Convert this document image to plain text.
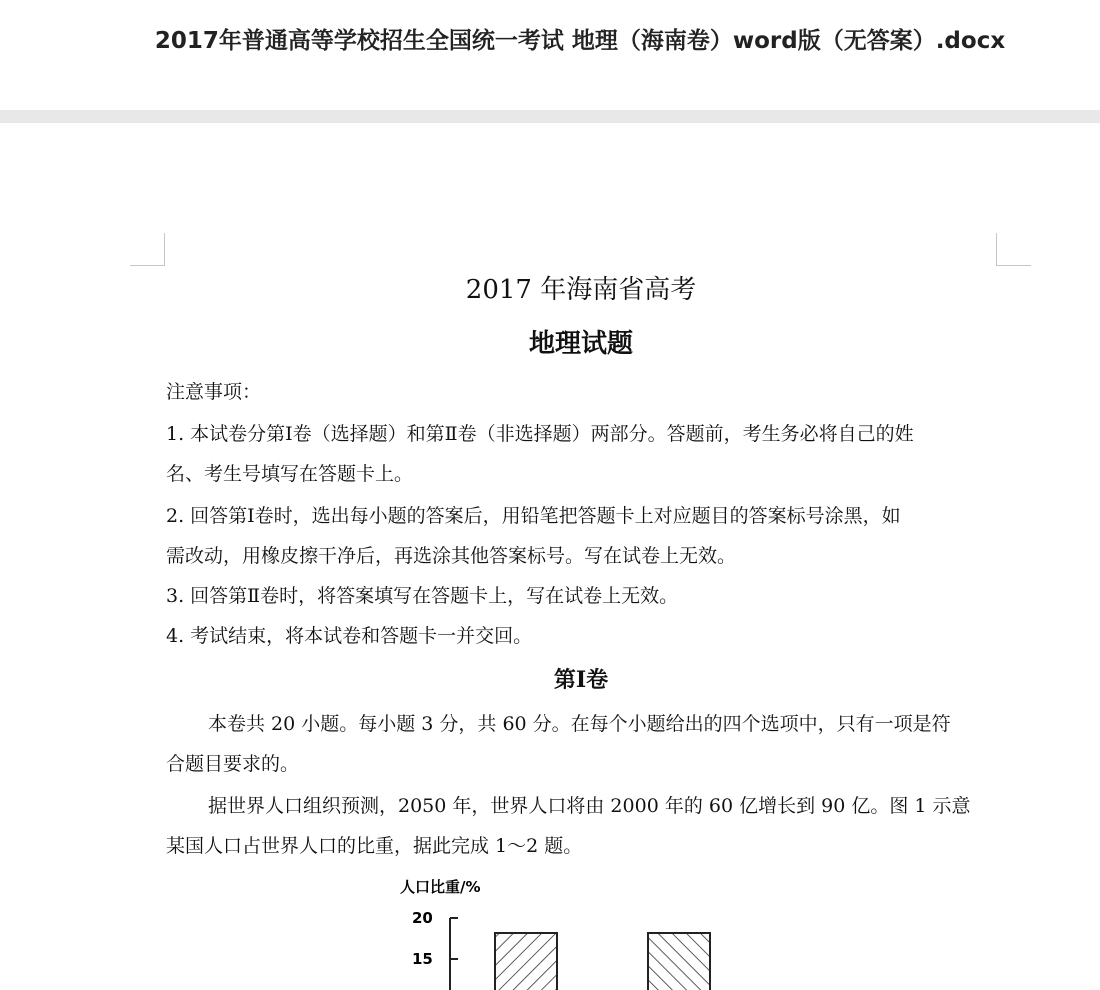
2017年普通高等学校招生全国统一考试 地理（海南卷）word版（无答案）.docx
2017 年海南省高考
地理试题
注意事项：
1. 本试卷分第Ⅰ卷（选择题）和第Ⅱ卷（非选择题）两部分。答题前，考生务必将自己的姓
名、考生号填写在答题卡上。
2. 回答第Ⅰ卷时，选出每小题的答案后，用铅笔把答题卡上对应题目的答案标号涂黑，如
需改动，用橡皮擦干净后，再选涂其他答案标号。写在试卷上无效。
3. 回答第Ⅱ卷时，将答案填写在答题卡上，写在试卷上无效。
4. 考试结束，将本试卷和答题卡一并交回。
第Ⅰ卷
本卷共 20 小题。每小题 3 分，共 60 分。在每个小题给出的四个选项中，只有一项是符
合题目要求的。
据世界人口组织预测，2050 年，世界人口将由 2000 年的 60 亿增长到 90 亿。图 1 示意
某国人口占世界人口的比重，据此完成 1～2 题。
人口比重/%
20
15
